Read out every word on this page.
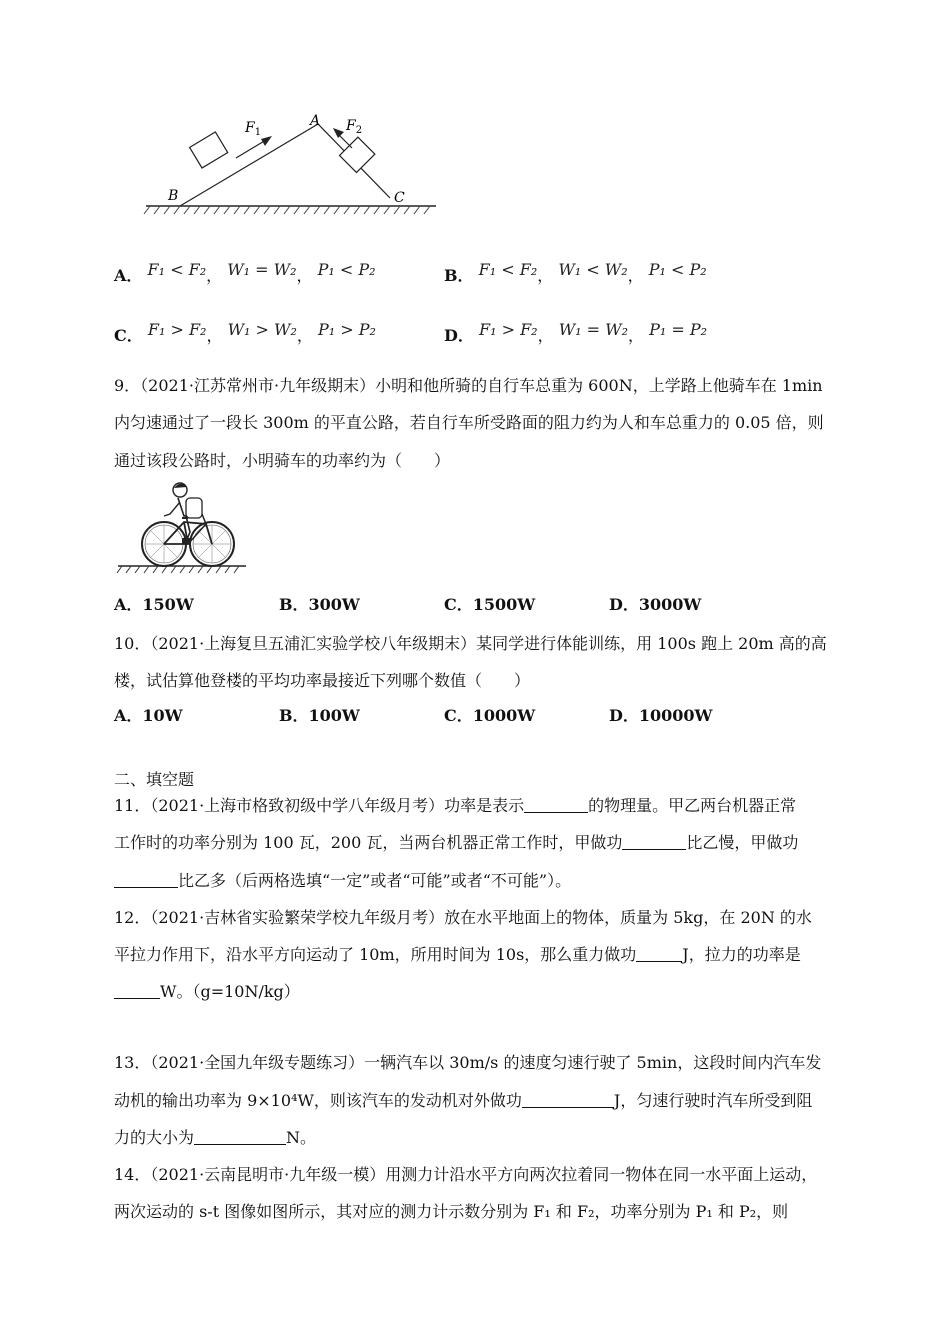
$F_1$	$F_2$
A
B	C
A． F₁ < F₂， W₁ = W₂， P₁ < P₂	B． F₁ < F₂， W₁ < W₂， P₁ < P₂
C． F₁ > F₂， W₁ > W₂， P₁ > P₂	D． F₁ > F₂， W₁ = W₂， P₁ = P₂
9．（2021·江苏常州市·九年级期末）小明和他所骑的自行车总重为 600N，上学路上他骑车在 1min
内匀速通过了一段长 300m 的平直公路，若自行车所受路面的阻力约为人和车总重力的 0.05 倍，则
通过该段公路时，小明骑车的功率约为（　　）
A．150W	B．300W	C．1500W	D．3000W
10．（2021·上海复旦五浦汇实验学校八年级期末）某同学进行体能训练，用 100s 跑上 20m 高的高
楼，试估算他登楼的平均功率最接近下列哪个数值（　　）
A．10W	B．100W	C．1000W	D．10000W
二、填空题
11．（2021·上海市格致初级中学八年级月考）功率是表示	的物理量。甲乙两台机器正常
工作时的功率分别为 100 瓦，200 瓦，当两台机器正常工作时，甲做功	比乙慢，甲做功
比乙多（后两格选填“一定”或者“可能”或者“不可能”）。
12．（2021·吉林省实验繁荣学校九年级月考）放在水平地面上的物体，质量为 5kg，在 20N 的水
平拉力作用下，沿水平方向运动了 10m，所用时间为 10s，那么重力做功	J，拉力的功率是
W。（g=10N/kg）
13．（2021·全国九年级专题练习）一辆汽车以 30m/s 的速度匀速行驶了 5min，这段时间内汽车发
动机的输出功率为 9×10⁴W，则该汽车的发动机对外做功	J，匀速行驶时汽车所受到阻
力的大小为	N。
14．（2021·云南昆明市·九年级一模）用测力计沿水平方向两次拉着同一物体在同一水平面上运动，
两次运动的 s-t 图像如图所示，其对应的测力计示数分别为 F₁ 和 F₂，功率分别为 P₁ 和 P₂，则
